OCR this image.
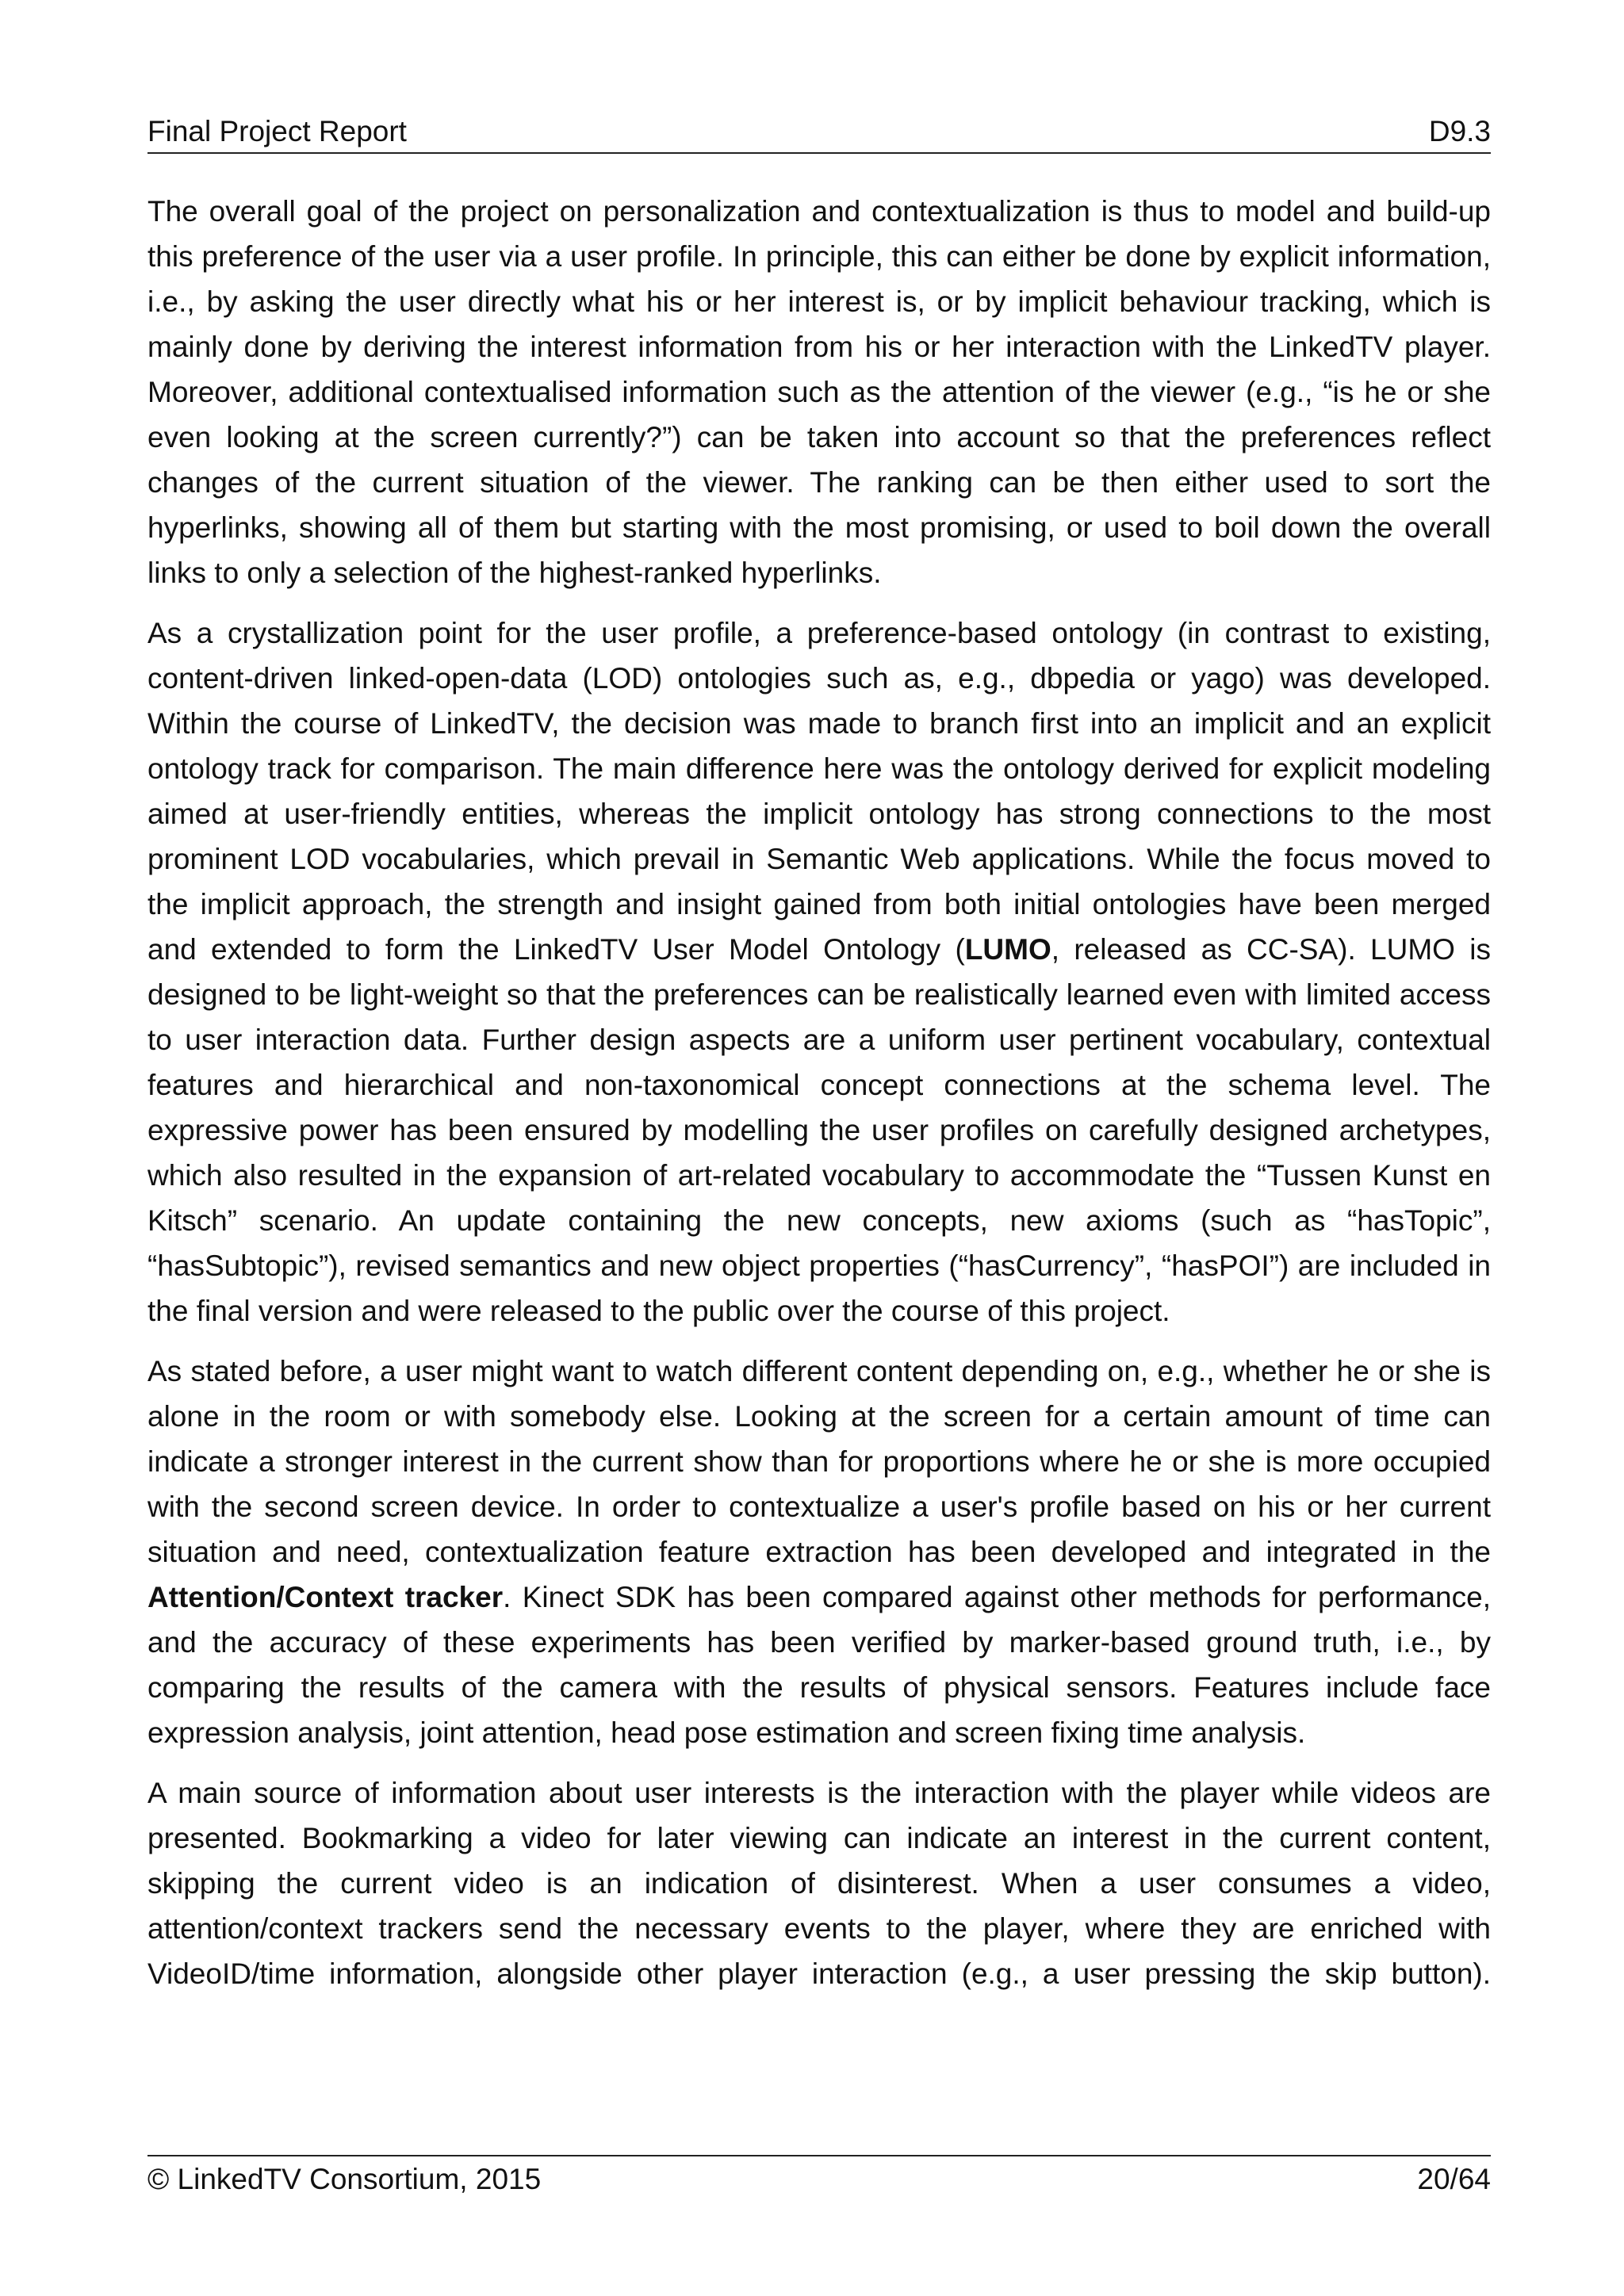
Final Project Report	D9.3

The overall goal of the project on personalization and contextualization is thus to model and build-up this preference of the user via a user profile. In principle, this can either be done by explicit information, i.e., by asking the user directly what his or her interest is, or by implicit behaviour tracking, which is mainly done by deriving the interest information from his or her interaction with the LinkedTV player. Moreover, additional contextualised information such as the attention of the viewer (e.g., “is he or she even looking at the screen currently?”) can be taken into account so that the preferences reflect changes of the current situation of the viewer. The ranking can be then either used to sort the hyperlinks, showing all of them but starting with the most promising, or used to boil down the overall links to only a selection of the highest-ranked hyperlinks.

As a crystallization point for the user profile, a preference-based ontology (in contrast to existing, content-driven linked-open-data (LOD) ontologies such as, e.g., dbpedia or yago) was developed. Within the course of LinkedTV, the decision was made to branch first into an implicit and an explicit ontology track for comparison. The main difference here was the ontology derived for explicit modeling aimed at user-friendly entities, whereas the implicit ontology has strong connections to the most prominent LOD vocabularies, which prevail in Semantic Web applications. While the focus moved to the implicit approach, the strength and insight gained from both initial ontologies have been merged and extended to form the LinkedTV User Model Ontology (LUMO, released as CC-SA). LUMO is designed to be light-weight so that the preferences can be realistically learned even with limited access to user interaction data. Further design aspects are a uniform user pertinent vocabulary, contextual features and hierarchical and non-taxonomical concept connections at the schema level. The expressive power has been ensured by modelling the user profiles on carefully designed archetypes, which also resulted in the expansion of art-related vocabulary to accommodate the “Tussen Kunst en Kitsch” scenario. An update containing the new concepts, new axioms (such as “hasTopic”, “hasSubtopic”), revised semantics and new object properties (“hasCurrency”, “hasPOI”) are included in the final version and were released to the public over the course of this project.

As stated before, a user might want to watch different content depending on, e.g., whether he or she is alone in the room or with somebody else. Looking at the screen for a certain amount of time can indicate a stronger interest in the current show than for proportions where he or she is more occupied with the second screen device. In order to contextualize a user's profile based on his or her current situation and need, contextualization feature extraction has been developed and integrated in the Attention/Context tracker. Kinect SDK has been compared against other methods for performance, and the accuracy of these experiments has been verified by marker-based ground truth, i.e., by comparing the results of the camera with the results of physical sensors. Features include face expression analysis, joint attention, head pose estimation and screen fixing time analysis.

A main source of information about user interests is the interaction with the player while videos are presented. Bookmarking a video for later viewing can indicate an interest in the current content, skipping the current video is an indication of disinterest. When a user consumes a video, attention/context trackers send the necessary events to the player, where they are enriched with VideoID/time information, alongside other player interaction (e.g., a user pressing the skip button).

© LinkedTV Consortium, 2015	20/64
